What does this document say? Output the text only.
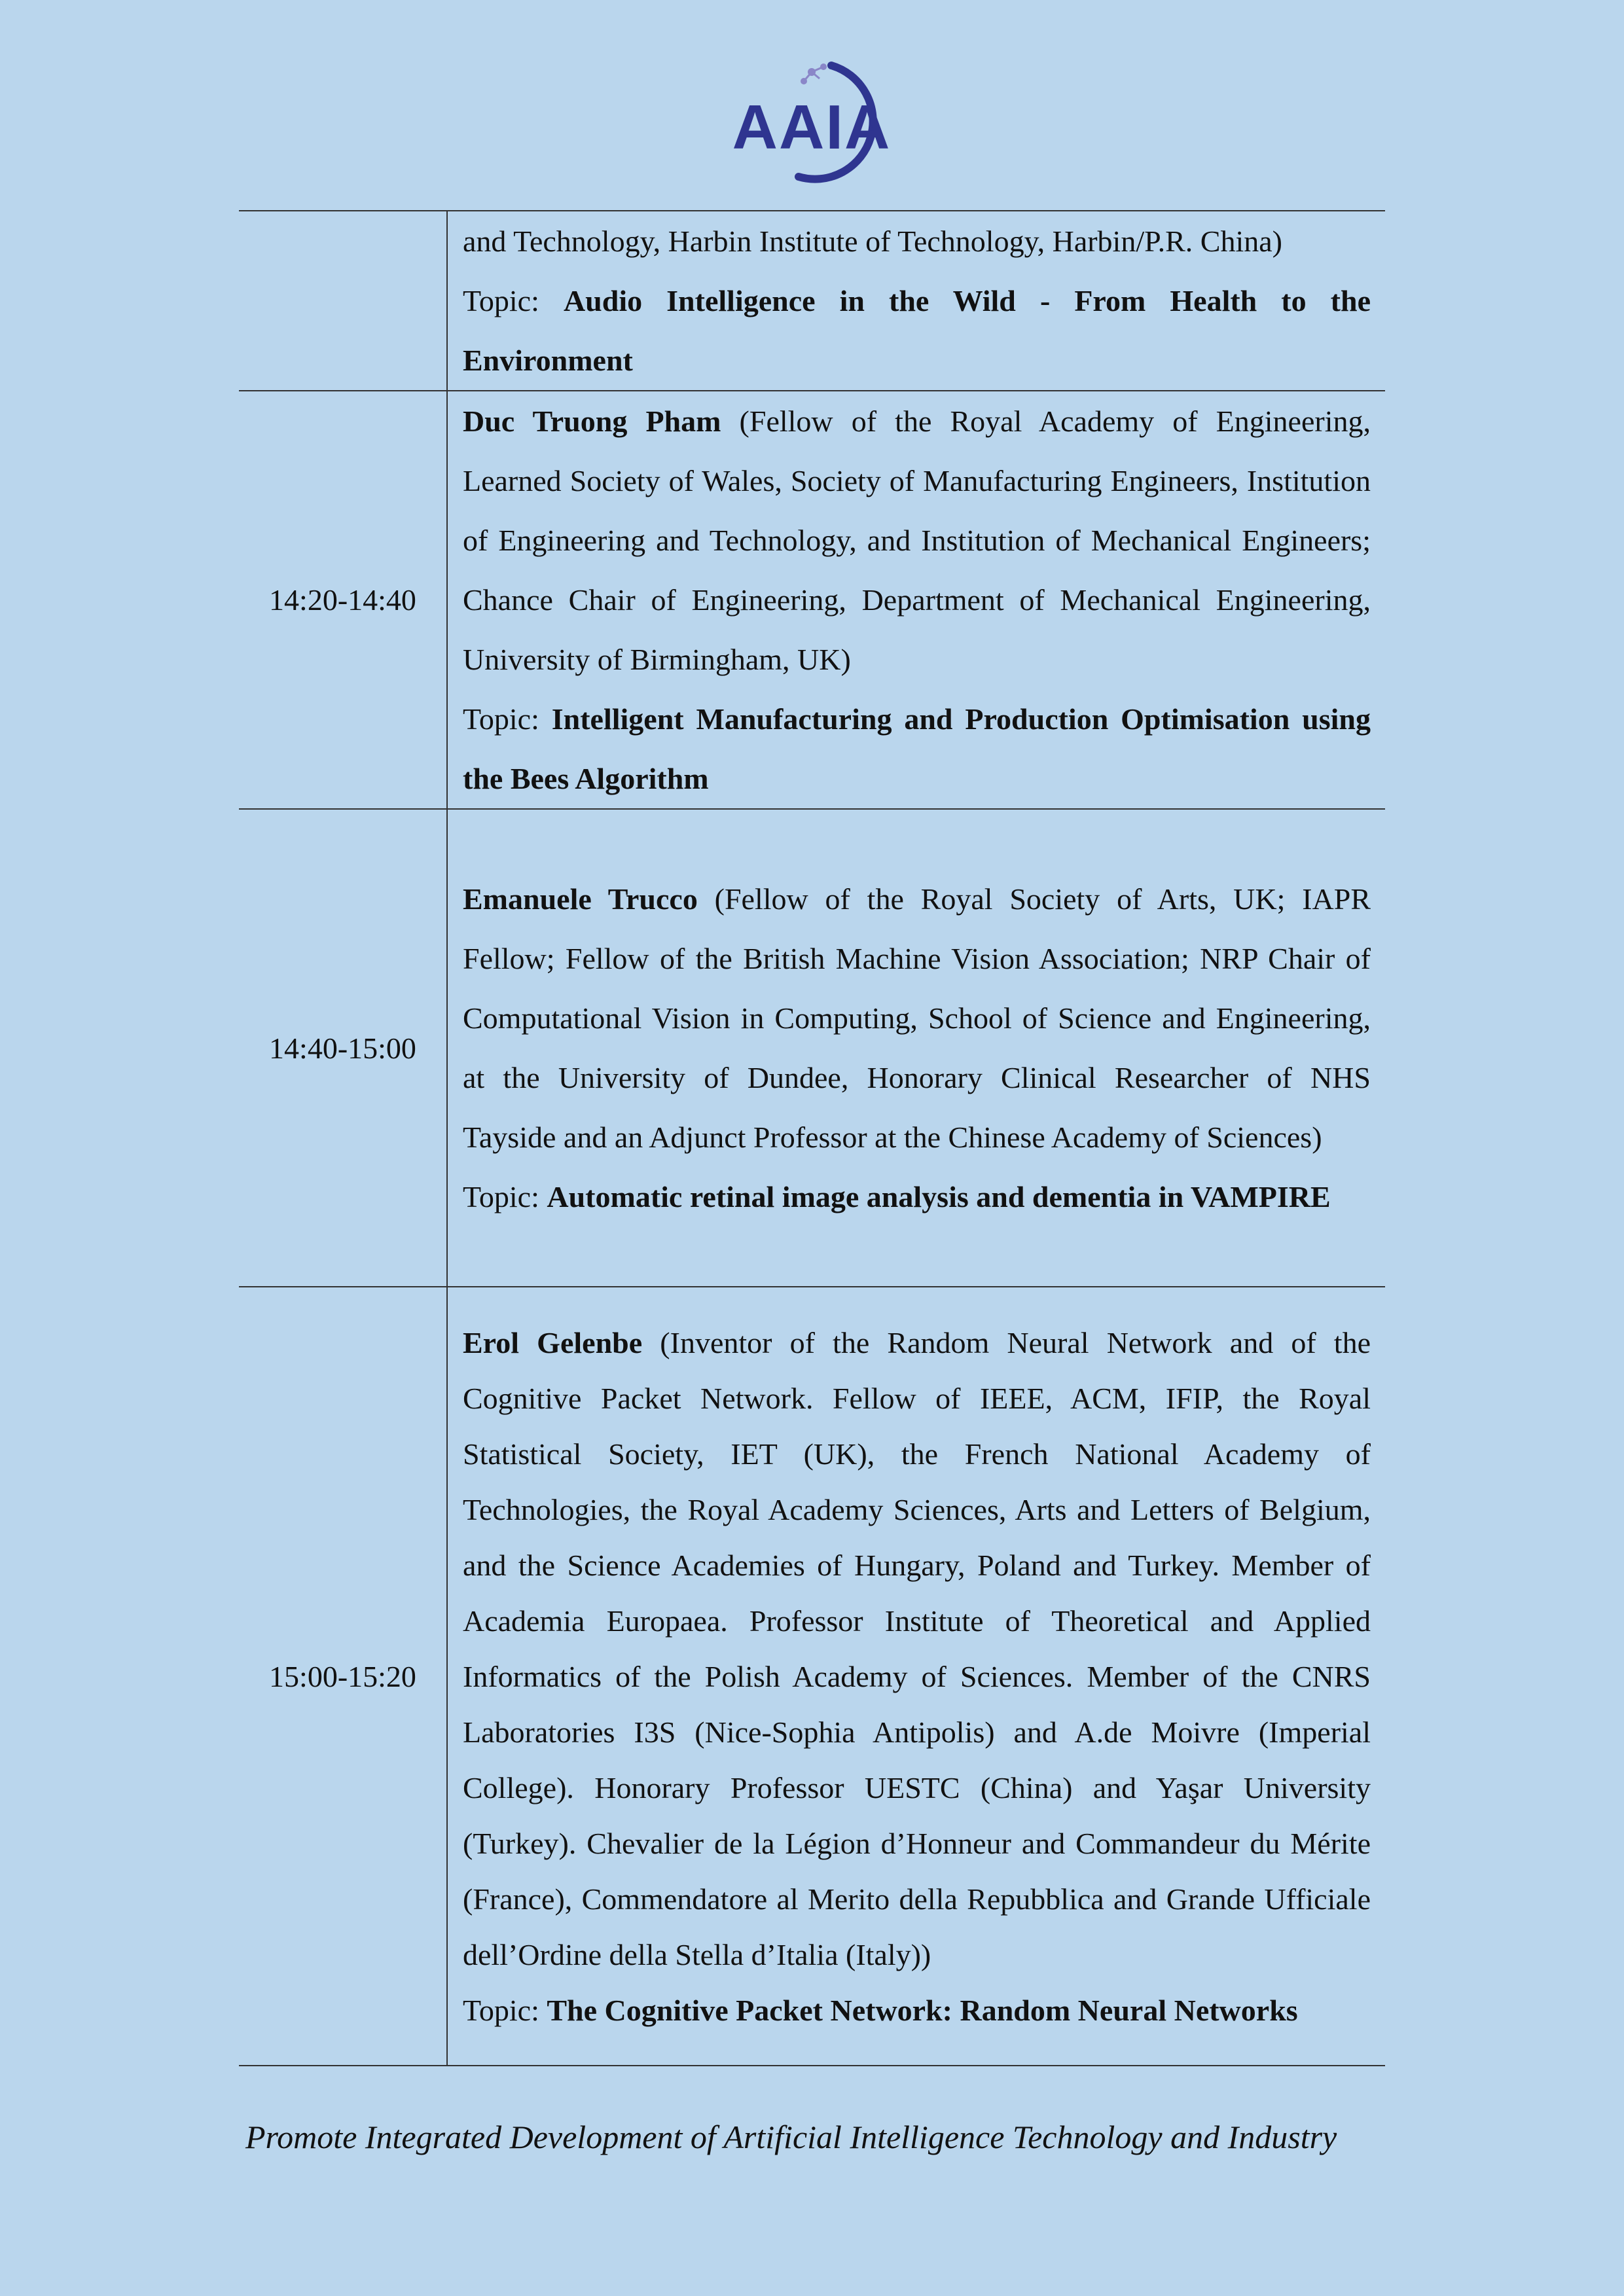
AAIA

	and Technology, Harbin Institute of Technology, Harbin/P.R. China)

Topic: Audio Intelligence in the Wild - From Health to the Environment

14:20-14:40	Duc Truong Pham (Fellow of the Royal Academy of Engineering, Learned Society of Wales, Society of Manufacturing Engineers, Institution of Engineering and Technology, and Institution of Mechanical Engineers; Chance Chair of Engineering, Department of Mechanical Engineering, University of Birmingham, UK)

Topic: Intelligent Manufacturing and Production Optimisation using the Bees Algorithm

14:40-15:00	Emanuele Trucco (Fellow of the Royal Society of Arts, UK; IAPR Fellow; Fellow of the British Machine Vision Association; NRP Chair of Computational Vision in Computing, School of Science and Engineering, at the University of Dundee, Honorary Clinical Researcher of NHS Tayside and an Adjunct Professor at the Chinese Academy of Sciences)

Topic: Automatic retinal image analysis and dementia in VAMPIRE

15:00-15:20	Erol Gelenbe (Inventor of the Random Neural Network and of the Cognitive Packet Network. Fellow of IEEE, ACM, IFIP, the Royal Statistical Society, IET (UK), the French National Academy of Technologies, the Royal Academy Sciences, Arts and Letters of Belgium, and the Science Academies of Hungary, Poland and Turkey. Member of Academia Europaea. Professor Institute of Theoretical and Applied Informatics of the Polish Academy of Sciences. Member of the CNRS Laboratories I3S (Nice-Sophia Antipolis) and A.de Moivre (Imperial College). Honorary Professor UESTC (China) and Yaşar University (Turkey). Chevalier de la Légion d’Honneur and Commandeur du Mérite (France), Commendatore al Merito della Repubblica and Grande Ufficiale dell’Ordine della Stella d’Italia (Italy))

Topic: The Cognitive Packet Network: Random Neural Networks

Promote Integrated Development of Artificial Intelligence Technology and Industry
